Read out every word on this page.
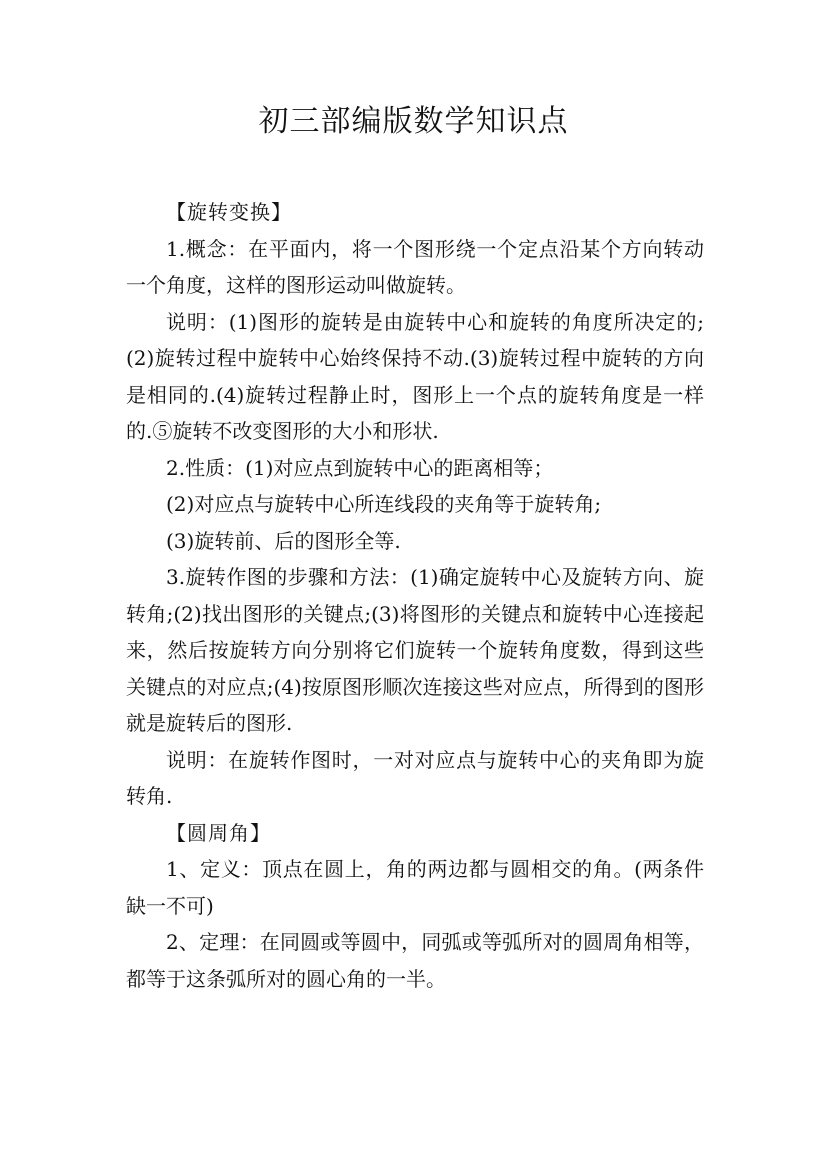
初三部编版数学知识点

【旋转变换】

1.概念：在平面内，将一个图形绕一个定点沿某个方向转动一个角度，这样的图形运动叫做旋转。

说明：(1)图形的旋转是由旋转中心和旋转的角度所决定的;(2)旋转过程中旋转中心始终保持不动.(3)旋转过程中旋转的方向是相同的.(4)旋转过程静止时，图形上一个点的旋转角度是一样的.⑤旋转不改变图形的大小和形状.

2.性质：(1)对应点到旋转中心的距离相等；

(2)对应点与旋转中心所连线段的夹角等于旋转角;

(3)旋转前、后的图形全等.

3.旋转作图的步骤和方法：(1)确定旋转中心及旋转方向、旋转角;(2)找出图形的关键点;(3)将图形的关键点和旋转中心连接起来，然后按旋转方向分别将它们旋转一个旋转角度数，得到这些关键点的对应点;(4)按原图形顺次连接这些对应点，所得到的图形就是旋转后的图形.

说明：在旋转作图时，一对对应点与旋转中心的夹角即为旋转角.

【圆周角】

1、定义：顶点在圆上，角的两边都与圆相交的角。(两条件缺一不可)

2、定理：在同圆或等圆中，同弧或等弧所对的圆周角相等，都等于这条弧所对的圆心角的一半。
